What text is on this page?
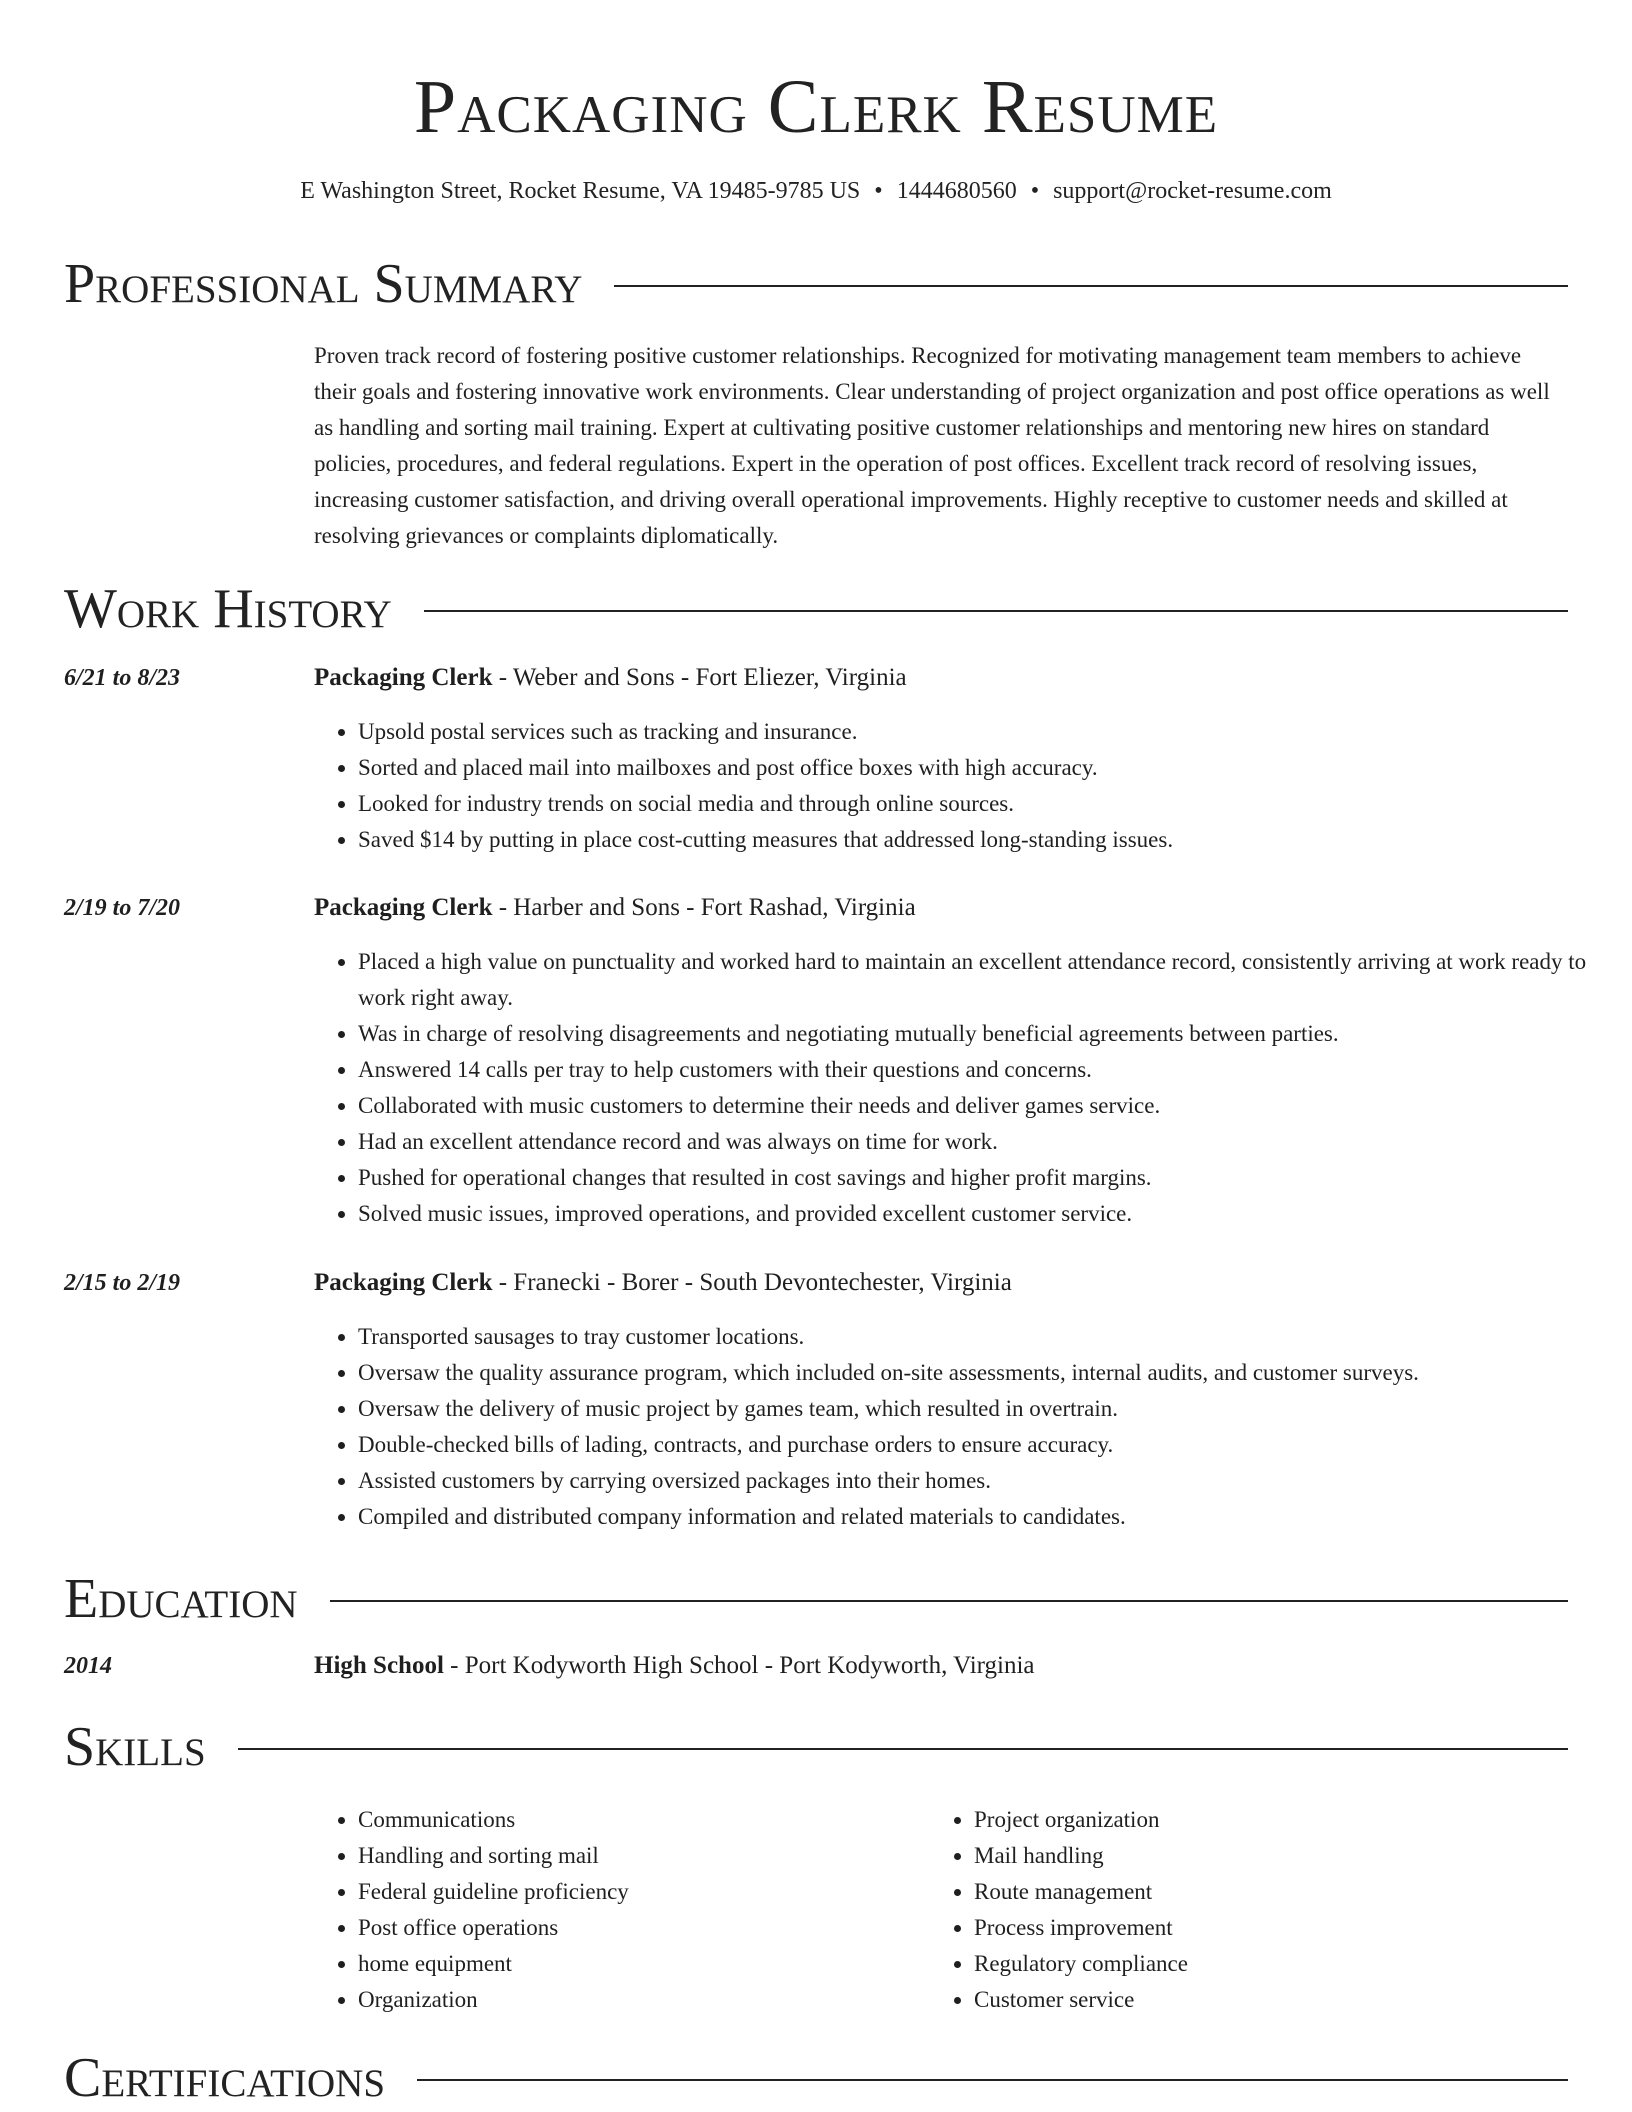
Packaging Clerk Resume
E Washington Street, Rocket Resume, VA 19485-9785 US • 1444680560 • support@rocket-resume.com
Professional Summary

Proven track record of fostering positive customer relationships. Recognized for motivating management team members to achieve their goals and fostering innovative work environments. Clear understanding of project organization and post office operations as well as handling and sorting mail training. Expert at cultivating positive customer relationships and mentoring new hires on standard policies, procedures, and federal regulations. Expert in the operation of post offices. Excellent track record of resolving issues, increasing customer satisfaction, and driving overall operational improvements. Highly receptive to customer needs and skilled at resolving grievances or complaints diplomatically.

Work History
6/21 to 8/23	Packaging Clerk - Weber and Sons - Fort Eliezer, Virginia
• Upsold postal services such as tracking and insurance.
• Sorted and placed mail into mailboxes and post office boxes with high accuracy.
• Looked for industry trends on social media and through online sources.
• Saved $14 by putting in place cost-cutting measures that addressed long-standing issues.
2/19 to 7/20	Packaging Clerk - Harber and Sons - Fort Rashad, Virginia
• Placed a high value on punctuality and worked hard to maintain an excellent attendance record, consistently arriving at work ready to work right away.
• Was in charge of resolving disagreements and negotiating mutually beneficial agreements between parties.
• Answered 14 calls per tray to help customers with their questions and concerns.
• Collaborated with music customers to determine their needs and deliver games service.
• Had an excellent attendance record and was always on time for work.
• Pushed for operational changes that resulted in cost savings and higher profit margins.
• Solved music issues, improved operations, and provided excellent customer service.
2/15 to 2/19	Packaging Clerk - Franecki - Borer - South Devontechester, Virginia
• Transported sausages to tray customer locations.
• Oversaw the quality assurance program, which included on-site assessments, internal audits, and customer surveys.
• Oversaw the delivery of music project by games team, which resulted in overtrain.
• Double-checked bills of lading, contracts, and purchase orders to ensure accuracy.
• Assisted customers by carrying oversized packages into their homes.
• Compiled and distributed company information and related materials to candidates.
Education
2014	High School - Port Kodyworth High School - Port Kodyworth, Virginia
Skills
• Communications
• Handling and sorting mail
• Federal guideline proficiency
• Post office operations
• home equipment
• Organization
• Project organization
• Mail handling
• Route management
• Process improvement
• Regulatory compliance
• Customer service
Certifications
